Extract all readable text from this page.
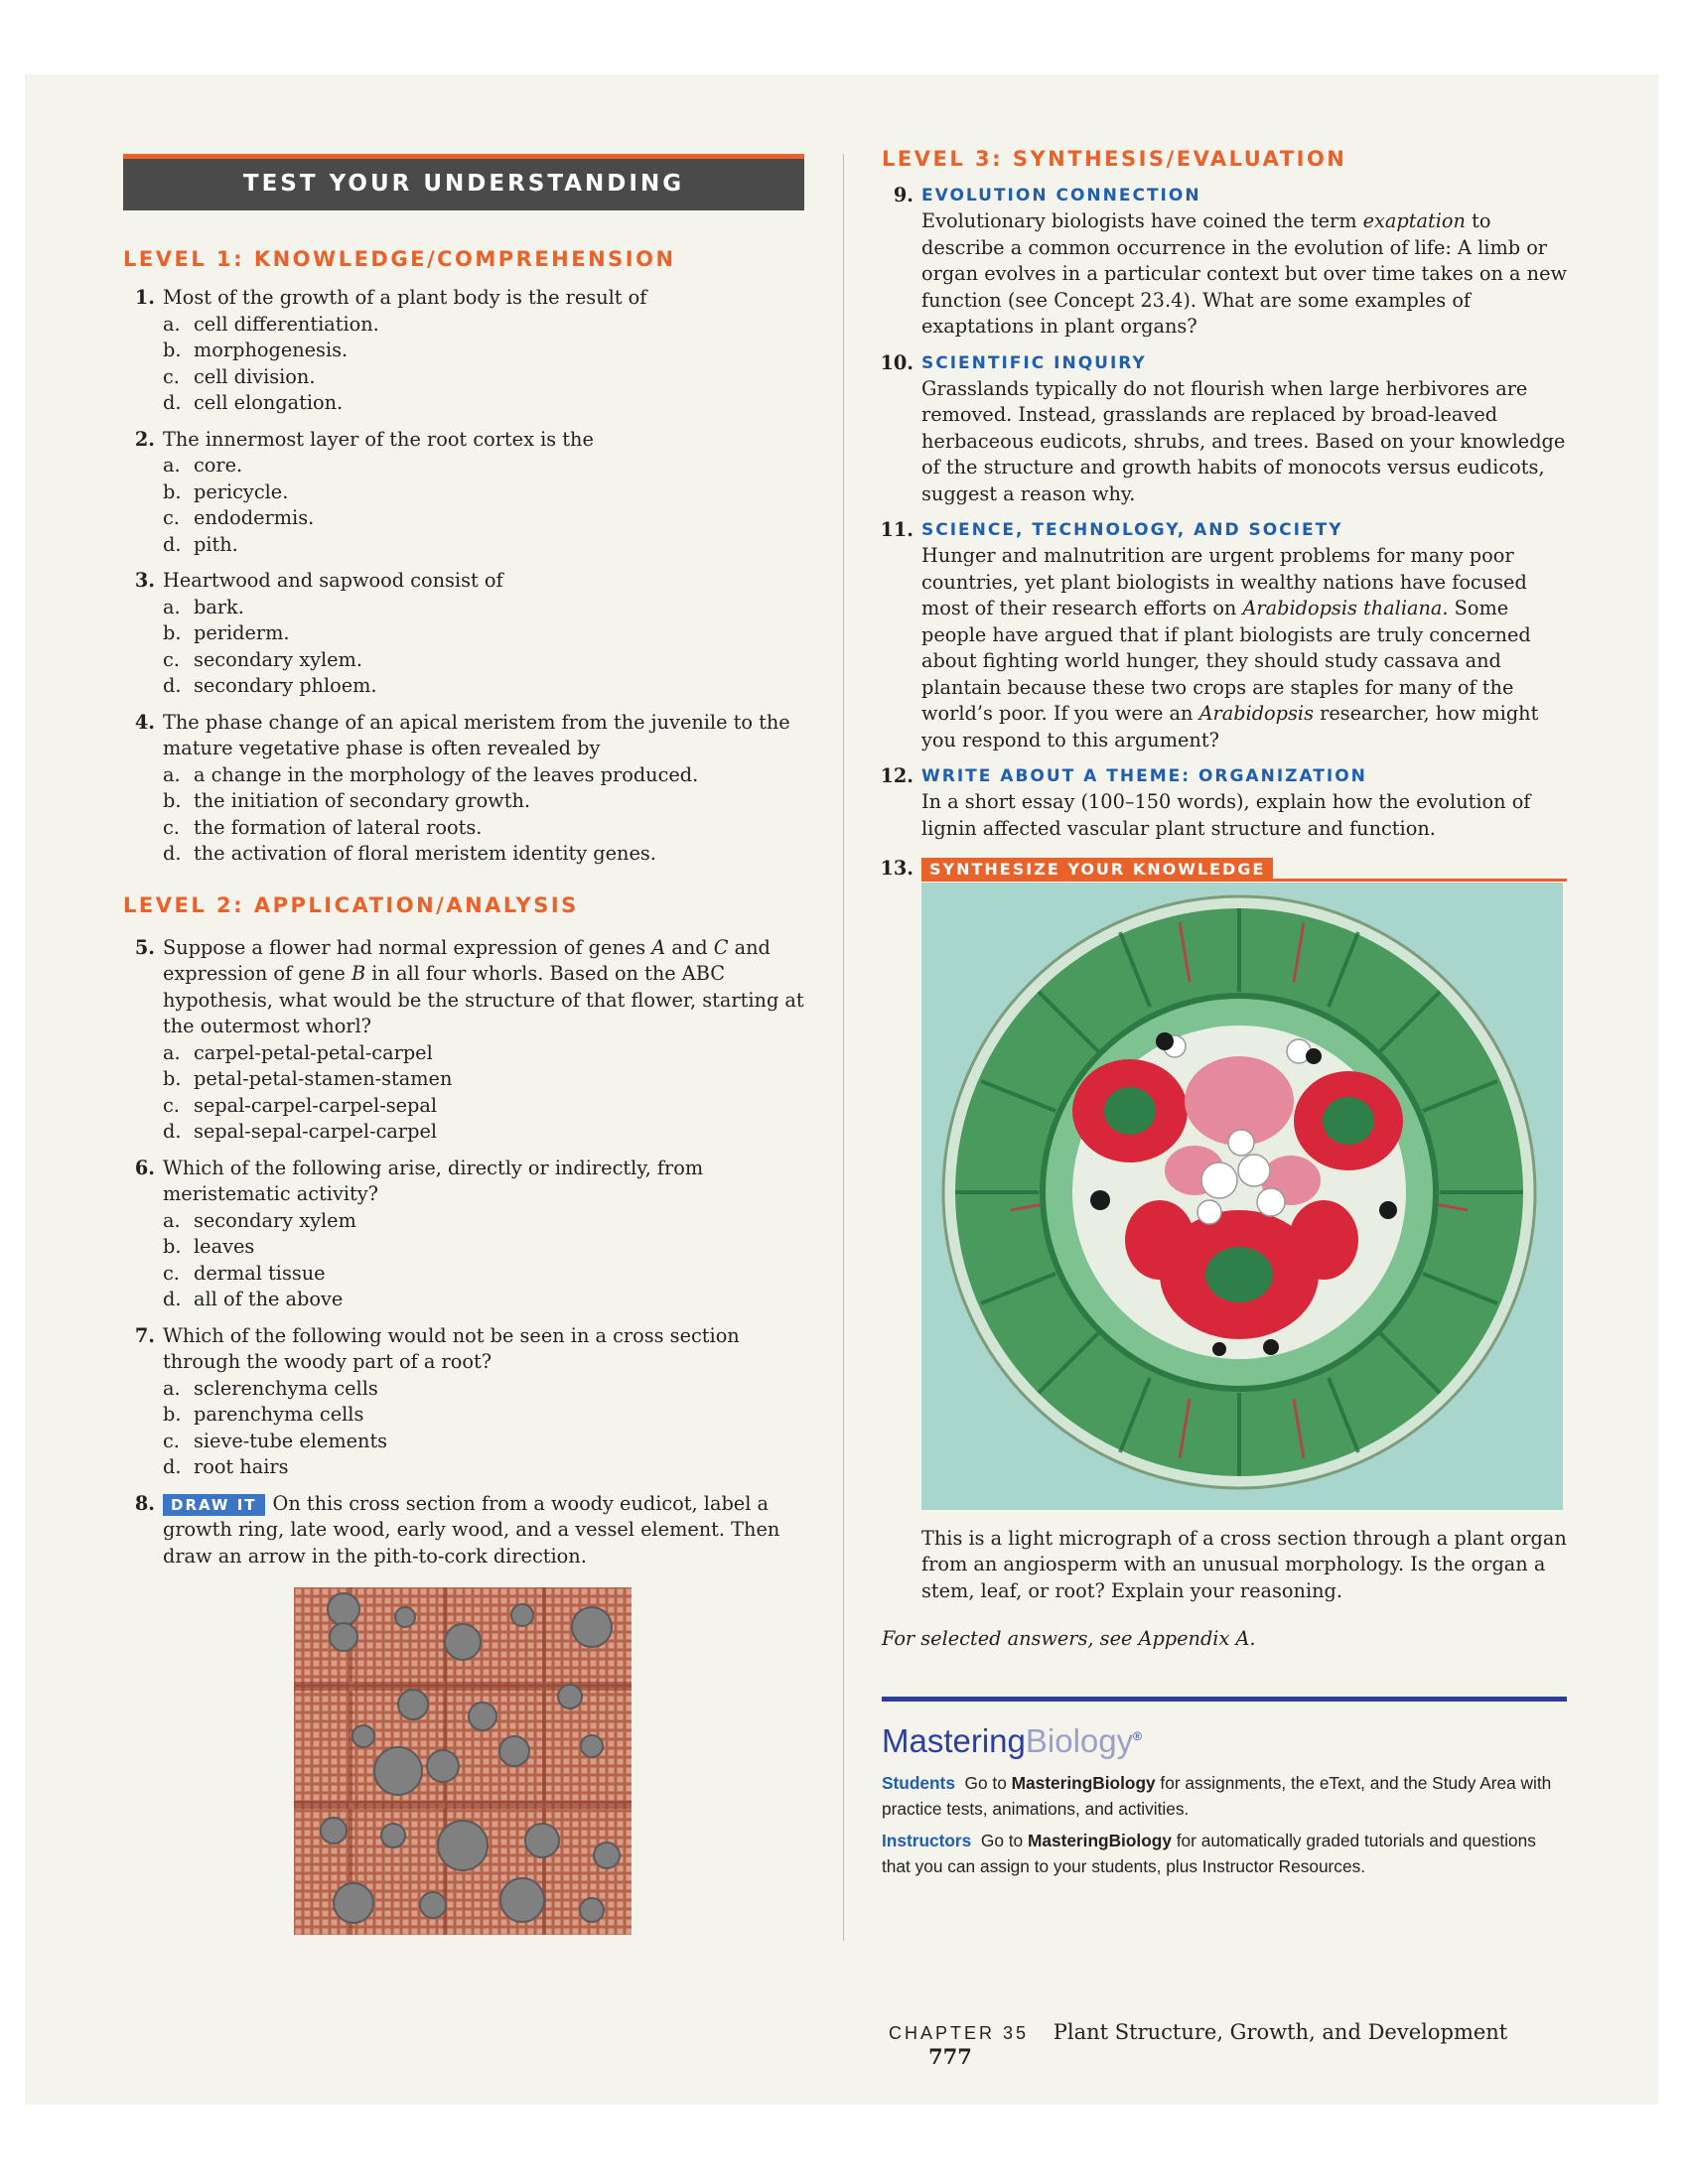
TEST YOUR UNDERSTANDING
LEVEL 1: KNOWLEDGE/COMPREHENSION
1. Most of the growth of a plant body is the result of
a. cell differentiation.
b. morphogenesis.
c. cell division.
d. cell elongation.
2. The innermost layer of the root cortex is the
a. core.
b. pericycle.
c. endodermis.
d. pith.
3. Heartwood and sapwood consist of
a. bark.
b. periderm.
c. secondary xylem.
d. secondary phloem.
4. The phase change of an apical meristem from the juvenile to the mature vegetative phase is often revealed by
a. a change in the morphology of the leaves produced.
b. the initiation of secondary growth.
c. the formation of lateral roots.
d. the activation of floral meristem identity genes.
LEVEL 2: APPLICATION/ANALYSIS
5. Suppose a flower had normal expression of genes A and C and expression of gene B in all four whorls. Based on the ABC hypothesis, what would be the structure of that flower, starting at the outermost whorl?
a. carpel-petal-petal-carpel
b. petal-petal-stamen-stamen
c. sepal-carpel-carpel-sepal
d. sepal-sepal-carpel-carpel
6. Which of the following arise, directly or indirectly, from meristematic activity?
a. secondary xylem
b. leaves
c. dermal tissue
d. all of the above
7. Which of the following would not be seen in a cross section through the woody part of a root?
a. sclerenchyma cells
b. parenchyma cells
c. sieve-tube elements
d. root hairs
8.	DRAW IT On this cross section from a woody eudicot, label a growth ring, late wood, early wood, and a vessel element. Then draw an arrow in the pith-to-cork direction.
LEVEL 3: SYNTHESIS/EVALUATION
9. EVOLUTION CONNECTION
Evolutionary biologists have coined the term exaptation to describe a common occurrence in the evolution of life: A limb or organ evolves in a particular context but over time takes on a new function (see Concept 23.4). What are some examples of exaptations in plant organs?
10. SCIENTIFIC INQUIRY
Grasslands typically do not flourish when large herbivores are removed. Instead, grasslands are replaced by broad-leaved herbaceous eudicots, shrubs, and trees. Based on your knowledge of the structure and growth habits of monocots versus eudicots, suggest a reason why.
11. SCIENCE, TECHNOLOGY, AND SOCIETY
Hunger and malnutrition are urgent problems for many poor countries, yet plant biologists in wealthy nations have focused most of their research efforts on Arabidopsis thaliana. Some people have argued that if plant biologists are truly concerned about fighting world hunger, they should study cassava and plantain because these two crops are staples for many of the world’s poor. If you were an Arabidopsis researcher, how might you respond to this argument?
12. WRITE ABOUT A THEME: ORGANIZATION
In a short essay (100–150 words), explain how the evolution of lignin affected vascular plant structure and function.
13. SYNTHESIZE YOUR KNOWLEDGE
This is a light micrograph of a cross section through a plant organ from an angiosperm with an unusual morphology. Is the organ a stem, leaf, or root? Explain your reasoning.
For selected answers, see Appendix A.
MasteringBiology®
Students Go to MasteringBiology for assignments, the eText, and the Study Area with practice tests, animations, and activities.
Instructors Go to MasteringBiology for automatically graded tutorials and questions that you can assign to your students, plus Instructor Resources.
CHAPTER 35 Plant Structure, Growth, and Development 777
